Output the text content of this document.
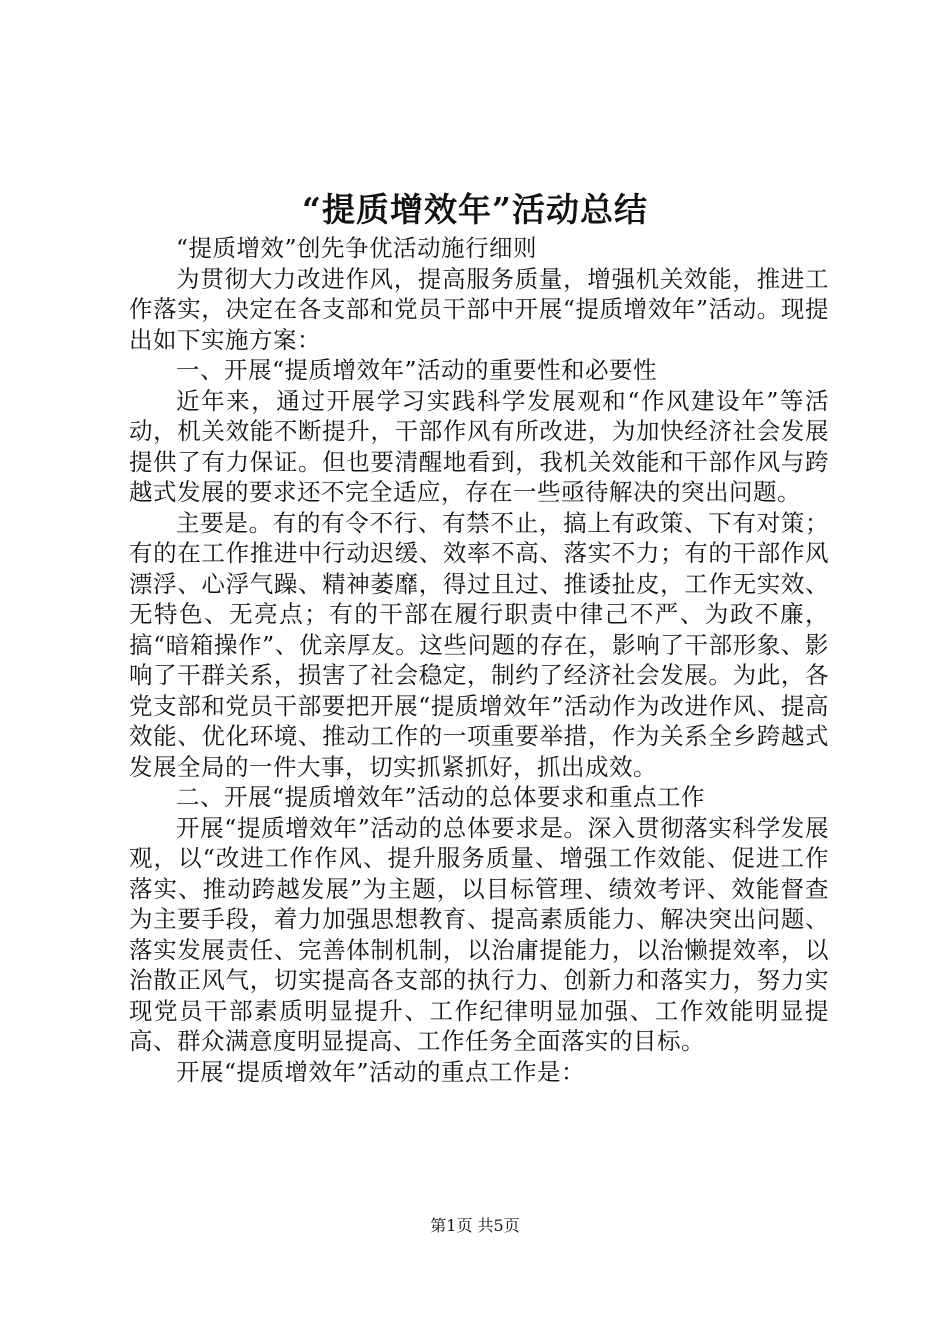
“提质增效年”活动总结

“提质增效”创先争优活动施行细则

为贯彻大力改进作风，提高服务质量，增强机关效能，推进工作落实，决定在各支部和党员干部中开展“提质增效年”活动。现提出如下实施方案：

一、开展“提质增效年”活动的重要性和必要性

近年来，通过开展学习实践科学发展观和“作风建设年”等活动，机关效能不断提升，干部作风有所改进，为加快经济社会发展提供了有力保证。但也要清醒地看到，我机关效能和干部作风与跨越式发展的要求还不完全适应，存在一些亟待解决的突出问题。

主要是。有的有令不行、有禁不止，搞上有政策、下有对策；有的在工作推进中行动迟缓、效率不高、落实不力；有的干部作风漂浮、心浮气躁、精神萎靡，得过且过、推诿扯皮，工作无实效、无特色、无亮点；有的干部在履行职责中律己不严、为政不廉，搞“暗箱操作”、优亲厚友。这些问题的存在，影响了干部形象、影响了干群关系，损害了社会稳定，制约了经济社会发展。为此，各党支部和党员干部要把开展“提质增效年”活动作为改进作风、提高效能、优化环境、推动工作的一项重要举措，作为关系全乡跨越式发展全局的一件大事，切实抓紧抓好，抓出成效。

二、开展“提质增效年”活动的总体要求和重点工作

开展“提质增效年”活动的总体要求是。深入贯彻落实科学发展观，以“改进工作作风、提升服务质量、增强工作效能、促进工作落实、推动跨越发展”为主题，以目标管理、绩效考评、效能督查为主要手段，着力加强思想教育、提高素质能力、解决突出问题、落实发展责任、完善体制机制，以治庸提能力，以治懒提效率，以治散正风气，切实提高各支部的执行力、创新力和落实力，努力实现党员干部素质明显提升、工作纪律明显加强、工作效能明显提高、群众满意度明显提高、工作任务全面落实的目标。

开展“提质增效年”活动的重点工作是：

第1页 共5页
